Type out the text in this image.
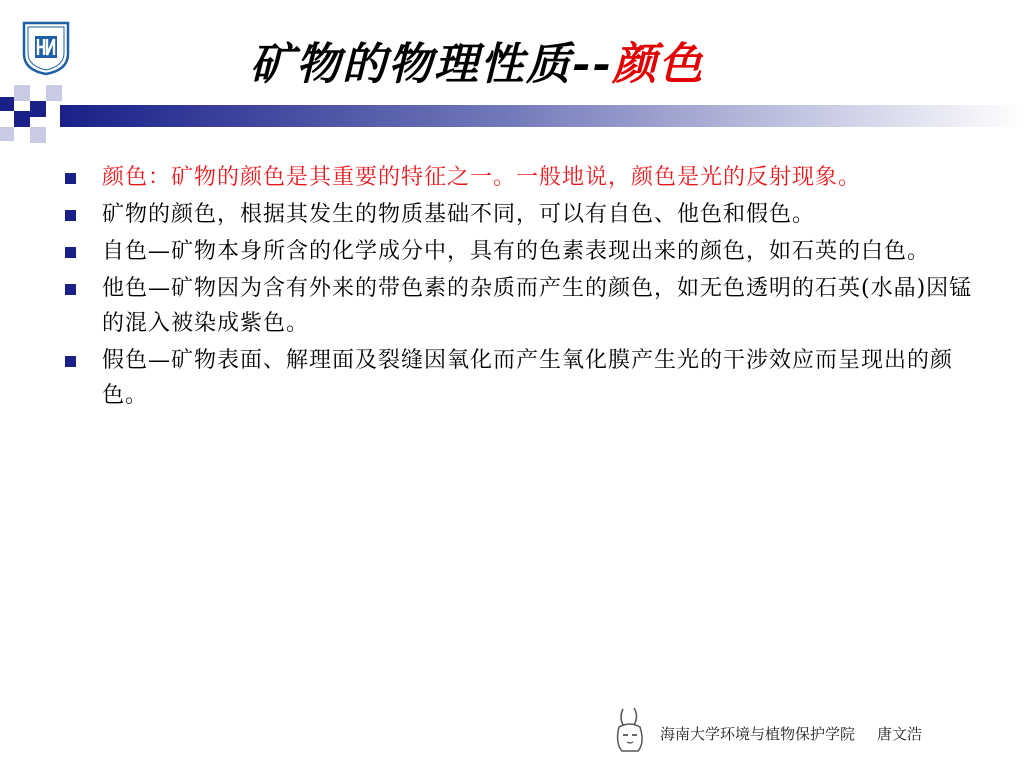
矿物的物理性质--颜色
颜色：矿物的颜色是其重要的特征之一。一般地说，颜色是光的反射现象。
矿物的颜色，根据其发生的物质基础不同，可以有自色、他色和假色。
自色—矿物本身所含的化学成分中，具有的色素表现出来的颜色，如石英的白色。
他色—矿物因为含有外来的带色素的杂质而产生的颜色，如无色透明的石英(水晶)因锰的混入被染成紫色。
假色—矿物表面、解理面及裂缝因氧化而产生氧化膜产生光的干涉效应而呈现出的颜色。
海南大学环境与植物保护学院 唐文浩
